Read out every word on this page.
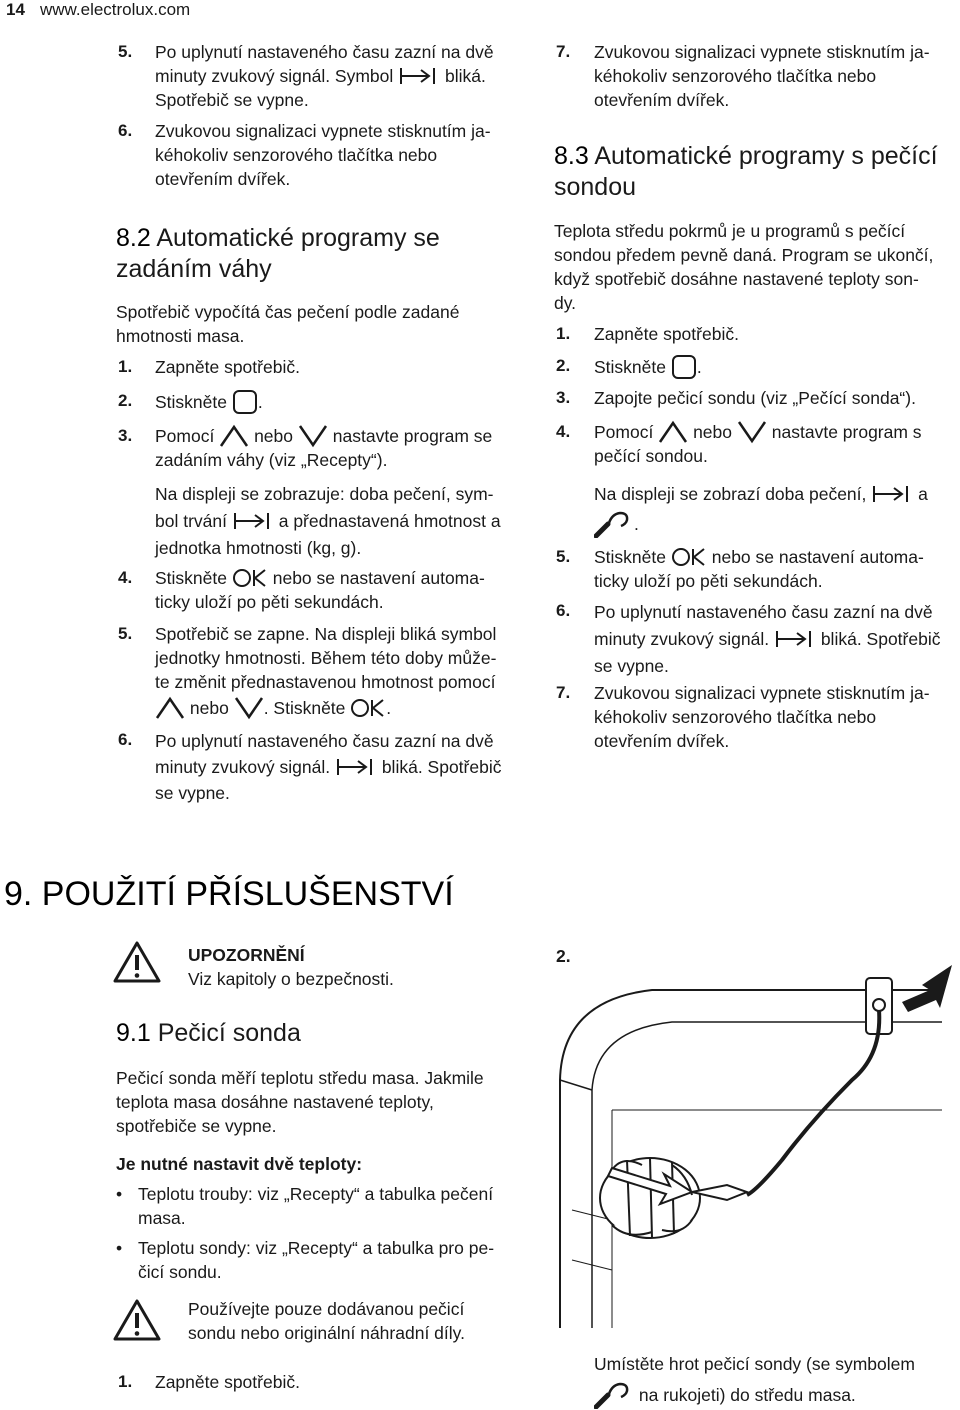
14 www.electrolux.com
5. Po uplynutí nastaveného času zazní na dvě
minuty zvukový signál. Symbol	bliká.
Spotřebič se vypne.
6. Zvukovou signalizaci vypnete stisknutím ja-
kéhokoliv senzorového tlačítka nebo
otevřením dvířek.
8.2 Automatické programy se
zadáním váhy
Spotřebič vypočítá čas pečení podle zadané
hmotnosti masa.
1. Zapněte spotřebič.
2. Stiskněte .
3. Pomocí nebo nastavte program se
zadáním váhy (viz „Recepty“).
Na displeji se zobrazuje: doba pečení, sym-
bol trvání	a přednastavená hmotnost a
jednotka hmotnosti (kg, g).
4. Stiskněte	nebo se nastavení automa-
ticky uloží po pěti sekundách.
5. Spotřebič se zapne. Na displeji bliká symbol
jednotky hmotnosti. Během této doby může-
te změnit přednastavenou hmotnost pomocí
nebo . Stiskněte .
6. Po uplynutí nastaveného času zazní na dvě
minuty zvukový signál.	bliká. Spotřebič
se vypne.
7. Zvukovou signalizaci vypnete stisknutím ja-
kéhokoliv senzorového tlačítka nebo
otevřením dvířek.
8.3 Automatické programy s pečící
sondou
Teplota středu pokrmů je u programů s pečící
sondou předem pevně daná. Program se ukončí,
když spotřebič dosáhne nastavené teploty son-
dy.
1. Zapněte spotřebič.
2. Stiskněte .
3. Zapojte pečicí sondu (viz „Pečící sonda“).
4. Pomocí nebo nastavte program s
pečící sondou.
Na displeji se zobrazí doba pečení,	a
.
5. Stiskněte	nebo se nastavení automa-
ticky uloží po pěti sekundách.
6. Po uplynutí nastaveného času zazní na dvě
minuty zvukový signál.	bliká. Spotřebič
se vypne.
7. Zvukovou signalizaci vypnete stisknutím ja-
kéhokoliv senzorového tlačítka nebo
otevřením dvířek.
9. POUŽITÍ PŘÍSLUŠENSTVÍ
UPOZORNĚNÍ
Viz kapitoly o bezpečnosti.
9.1 Pečicí sonda
Pečicí sonda měří teplotu středu masa. Jakmile
teplota masa dosáhne nastavené teploty,
spotřebiče se vypne.
Je nutné nastavit dvě teploty:
• Teplotu trouby: viz „Recepty“ a tabulka pečení
masa.
• Teplotu sondy: viz „Recepty“ a tabulka pro pe-
čicí sondu.
Používejte pouze dodávanou pečicí
sondu nebo originální náhradní díly.
1. Zapněte spotřebič.
2.
Umístěte hrot pečicí sondy (se symbolem
na rukojeti) do středu masa.
